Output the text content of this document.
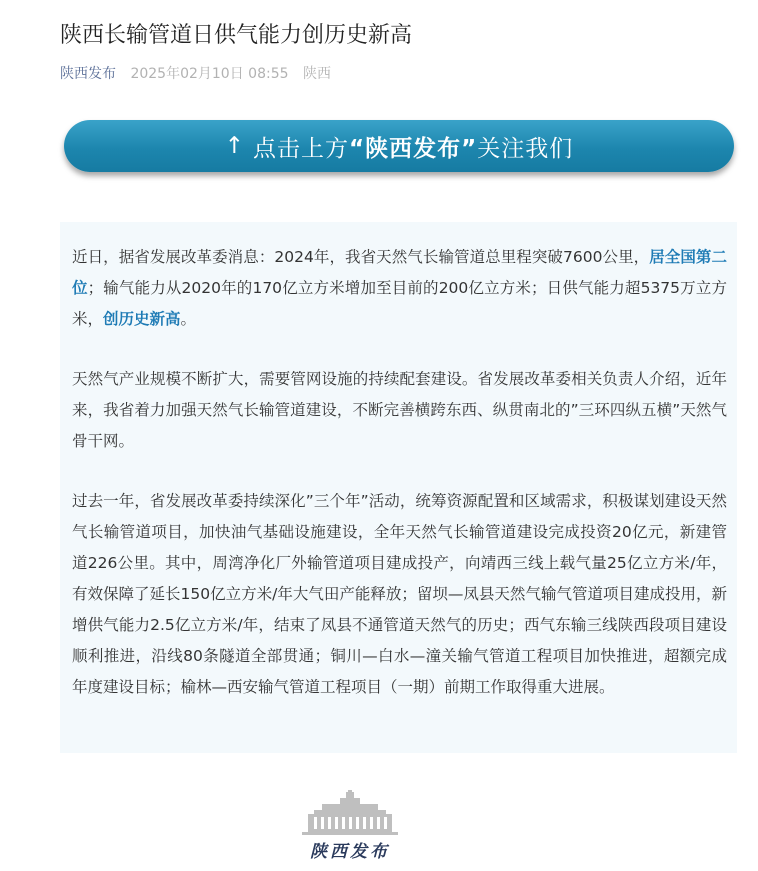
陕西长输管道日供气能力创历史新高
陕西发布 2025年02月10日 08:55 陕西
↑ 点击上方 “陕西发布” 关注我们

近日，据省发展改革委消息：2024年，我省天然气长输管道总里程突破7600公里，居全国第二位；输气能力从2020年的170亿立方米增加至目前的200亿立方米；日供气能力超5375万立方米，创历史新高。

天然气产业规模不断扩大，需要管网设施的持续配套建设。省发展改革委相关负责人介绍，近年来，我省着力加强天然气长输管道建设，不断完善横跨东西、纵贯南北的”三环四纵五横”天然气骨干网。

过去一年，省发展改革委持续深化”三个年”活动，统筹资源配置和区域需求，积极谋划建设天然气长输管道项目，加快油气基础设施建设，全年天然气长输管道建设完成投资20亿元，新建管道226公里。其中，周湾净化厂外输管道项目建成投产，向靖西三线上载气量25亿立方米/年，有效保障了延长150亿立方米/年大气田产能释放；留坝—凤县天然气输气管道项目建成投用，新增供气能力2.5亿立方米/年，结束了凤县不通管道天然气的历史；西气东输三线陕西段项目建设顺利推进，沿线80条隧道全部贯通；铜川—白水—潼关输气管道工程项目加快推进，超额完成年度建设目标；榆林—西安输气管道工程项目（一期）前期工作取得重大进展。

陕西发布
